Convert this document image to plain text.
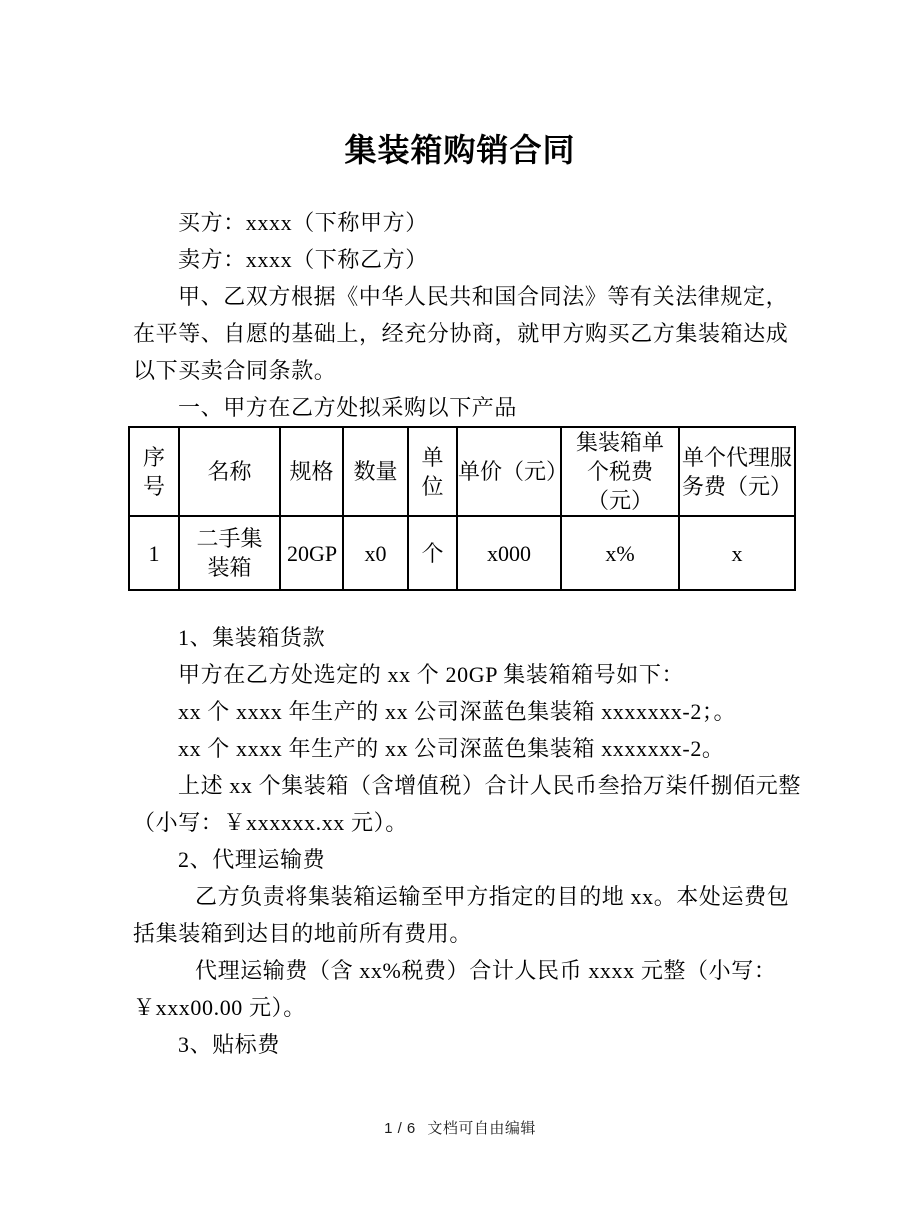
集装箱购销合同
买方：xxxx（下称甲方）
卖方：xxxx（下称乙方）
甲、乙双方根据《中华人民共和国合同法》等有关法律规定，
在平等、自愿的基础上，经充分协商，就甲方购买乙方集装箱达成
以下买卖合同条款。
一、甲方在乙方处拟采购以下产品
序号	名称	规格	数量	单位	单价（元）	集装箱单个税费（元）	单个代理服务费（元）
1	二手集装箱	20GP	x0	个	x000	x%	x
1、集装箱货款
甲方在乙方处选定的 xx 个 20GP 集装箱箱号如下：
xx 个 xxxx 年生产的 xx 公司深蓝色集装箱 xxxxxxx-2；。
xx 个 xxxx 年生产的 xx 公司深蓝色集装箱 xxxxxxx-2。
上述 xx 个集装箱（含增值税）合计人民币叁拾万柒仟捌佰元整
（小写：￥xxxxxx.xx 元）。
2、代理运输费
乙方负责将集装箱运输至甲方指定的目的地 xx。本处运费包
括集装箱到达目的地前所有费用。
代理运输费（含 xx%税费）合计人民币 xxxx 元整（小写：
￥xxx00.00 元）。
3、贴标费
1 / 6 文档可自由编辑
